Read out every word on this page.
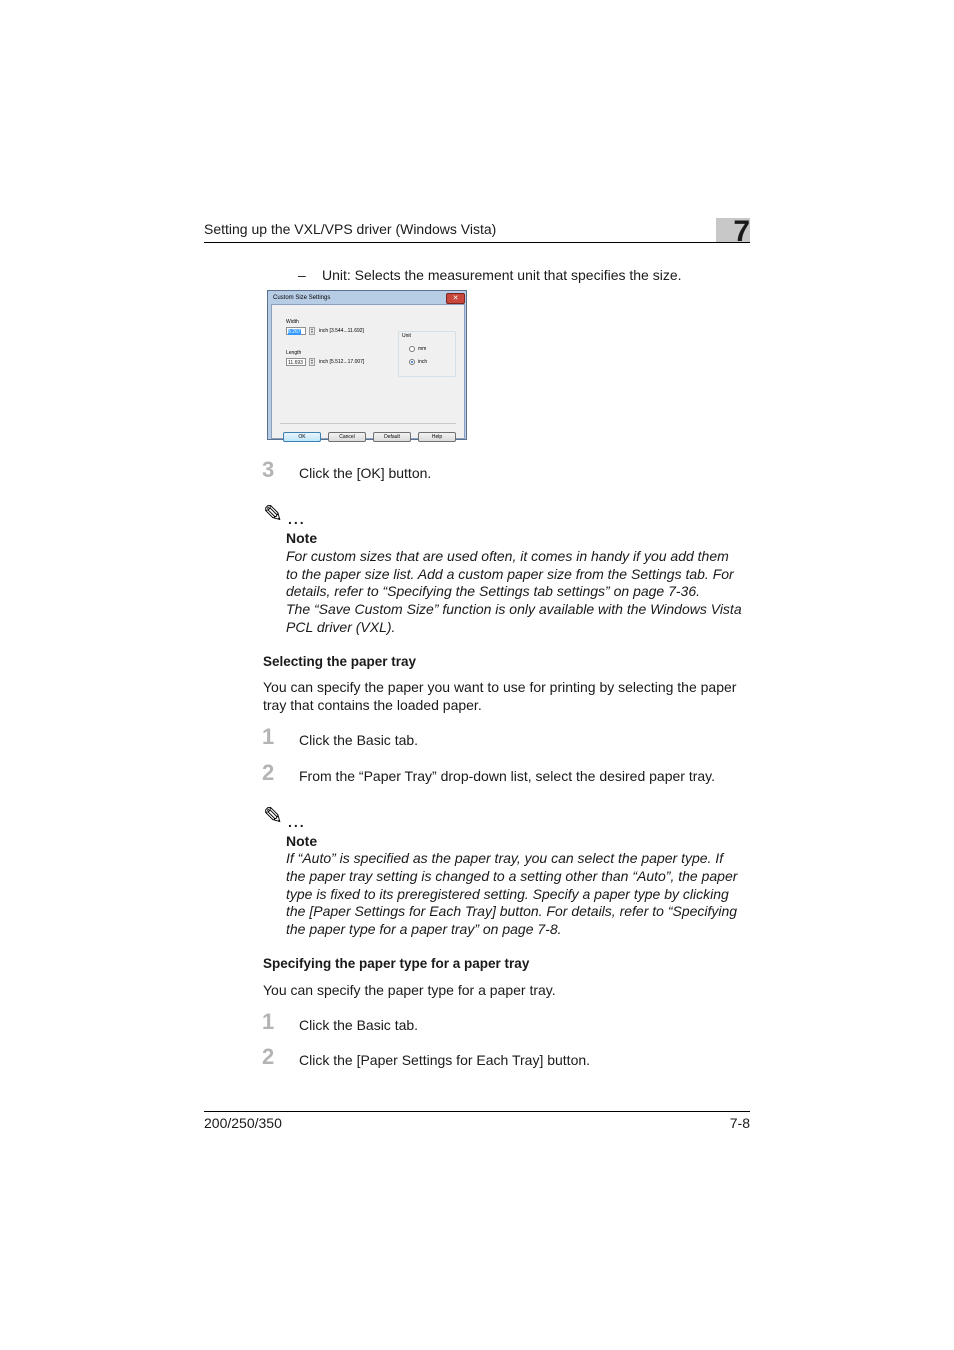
Setting up the VXL/VPS driver (Windows Vista)	7
– Unit: Selects the measurement unit that specifies the size.
Custom Size Settings	✕
Width
8.267	▲
▼	inch [3.544...11.692]
Length
11.693	▲
▼	inch [5.512...17.007]
Unit
mm
inch
OK	Cancel	Default	Help
3 Click the [OK] button.
✎ ...
Note
For custom sizes that are used often, it comes in handy if you add them
to the paper size list. Add a custom paper size from the Settings tab. For
details, refer to “Specifying the Settings tab settings” on page 7-36.
The “Save Custom Size” function is only available with the Windows Vista
PCL driver (VXL).
Selecting the paper tray
You can specify the paper you want to use for printing by selecting the paper
tray that contains the loaded paper.
1 Click the Basic tab.
2 From the “Paper Tray” drop-down list, select the desired paper tray.
✎ ...
Note
If “Auto” is specified as the paper tray, you can select the paper type. If
the paper tray setting is changed to a setting other than “Auto”, the paper
type is fixed to its preregistered setting. Specify a paper type by clicking
the [Paper Settings for Each Tray] button. For details, refer to “Specifying
the paper type for a paper tray” on page 7-8.
Specifying the paper type for a paper tray
You can specify the paper type for a paper tray.
1 Click the Basic tab.
2 Click the [Paper Settings for Each Tray] button.
200/250/350	7-8
